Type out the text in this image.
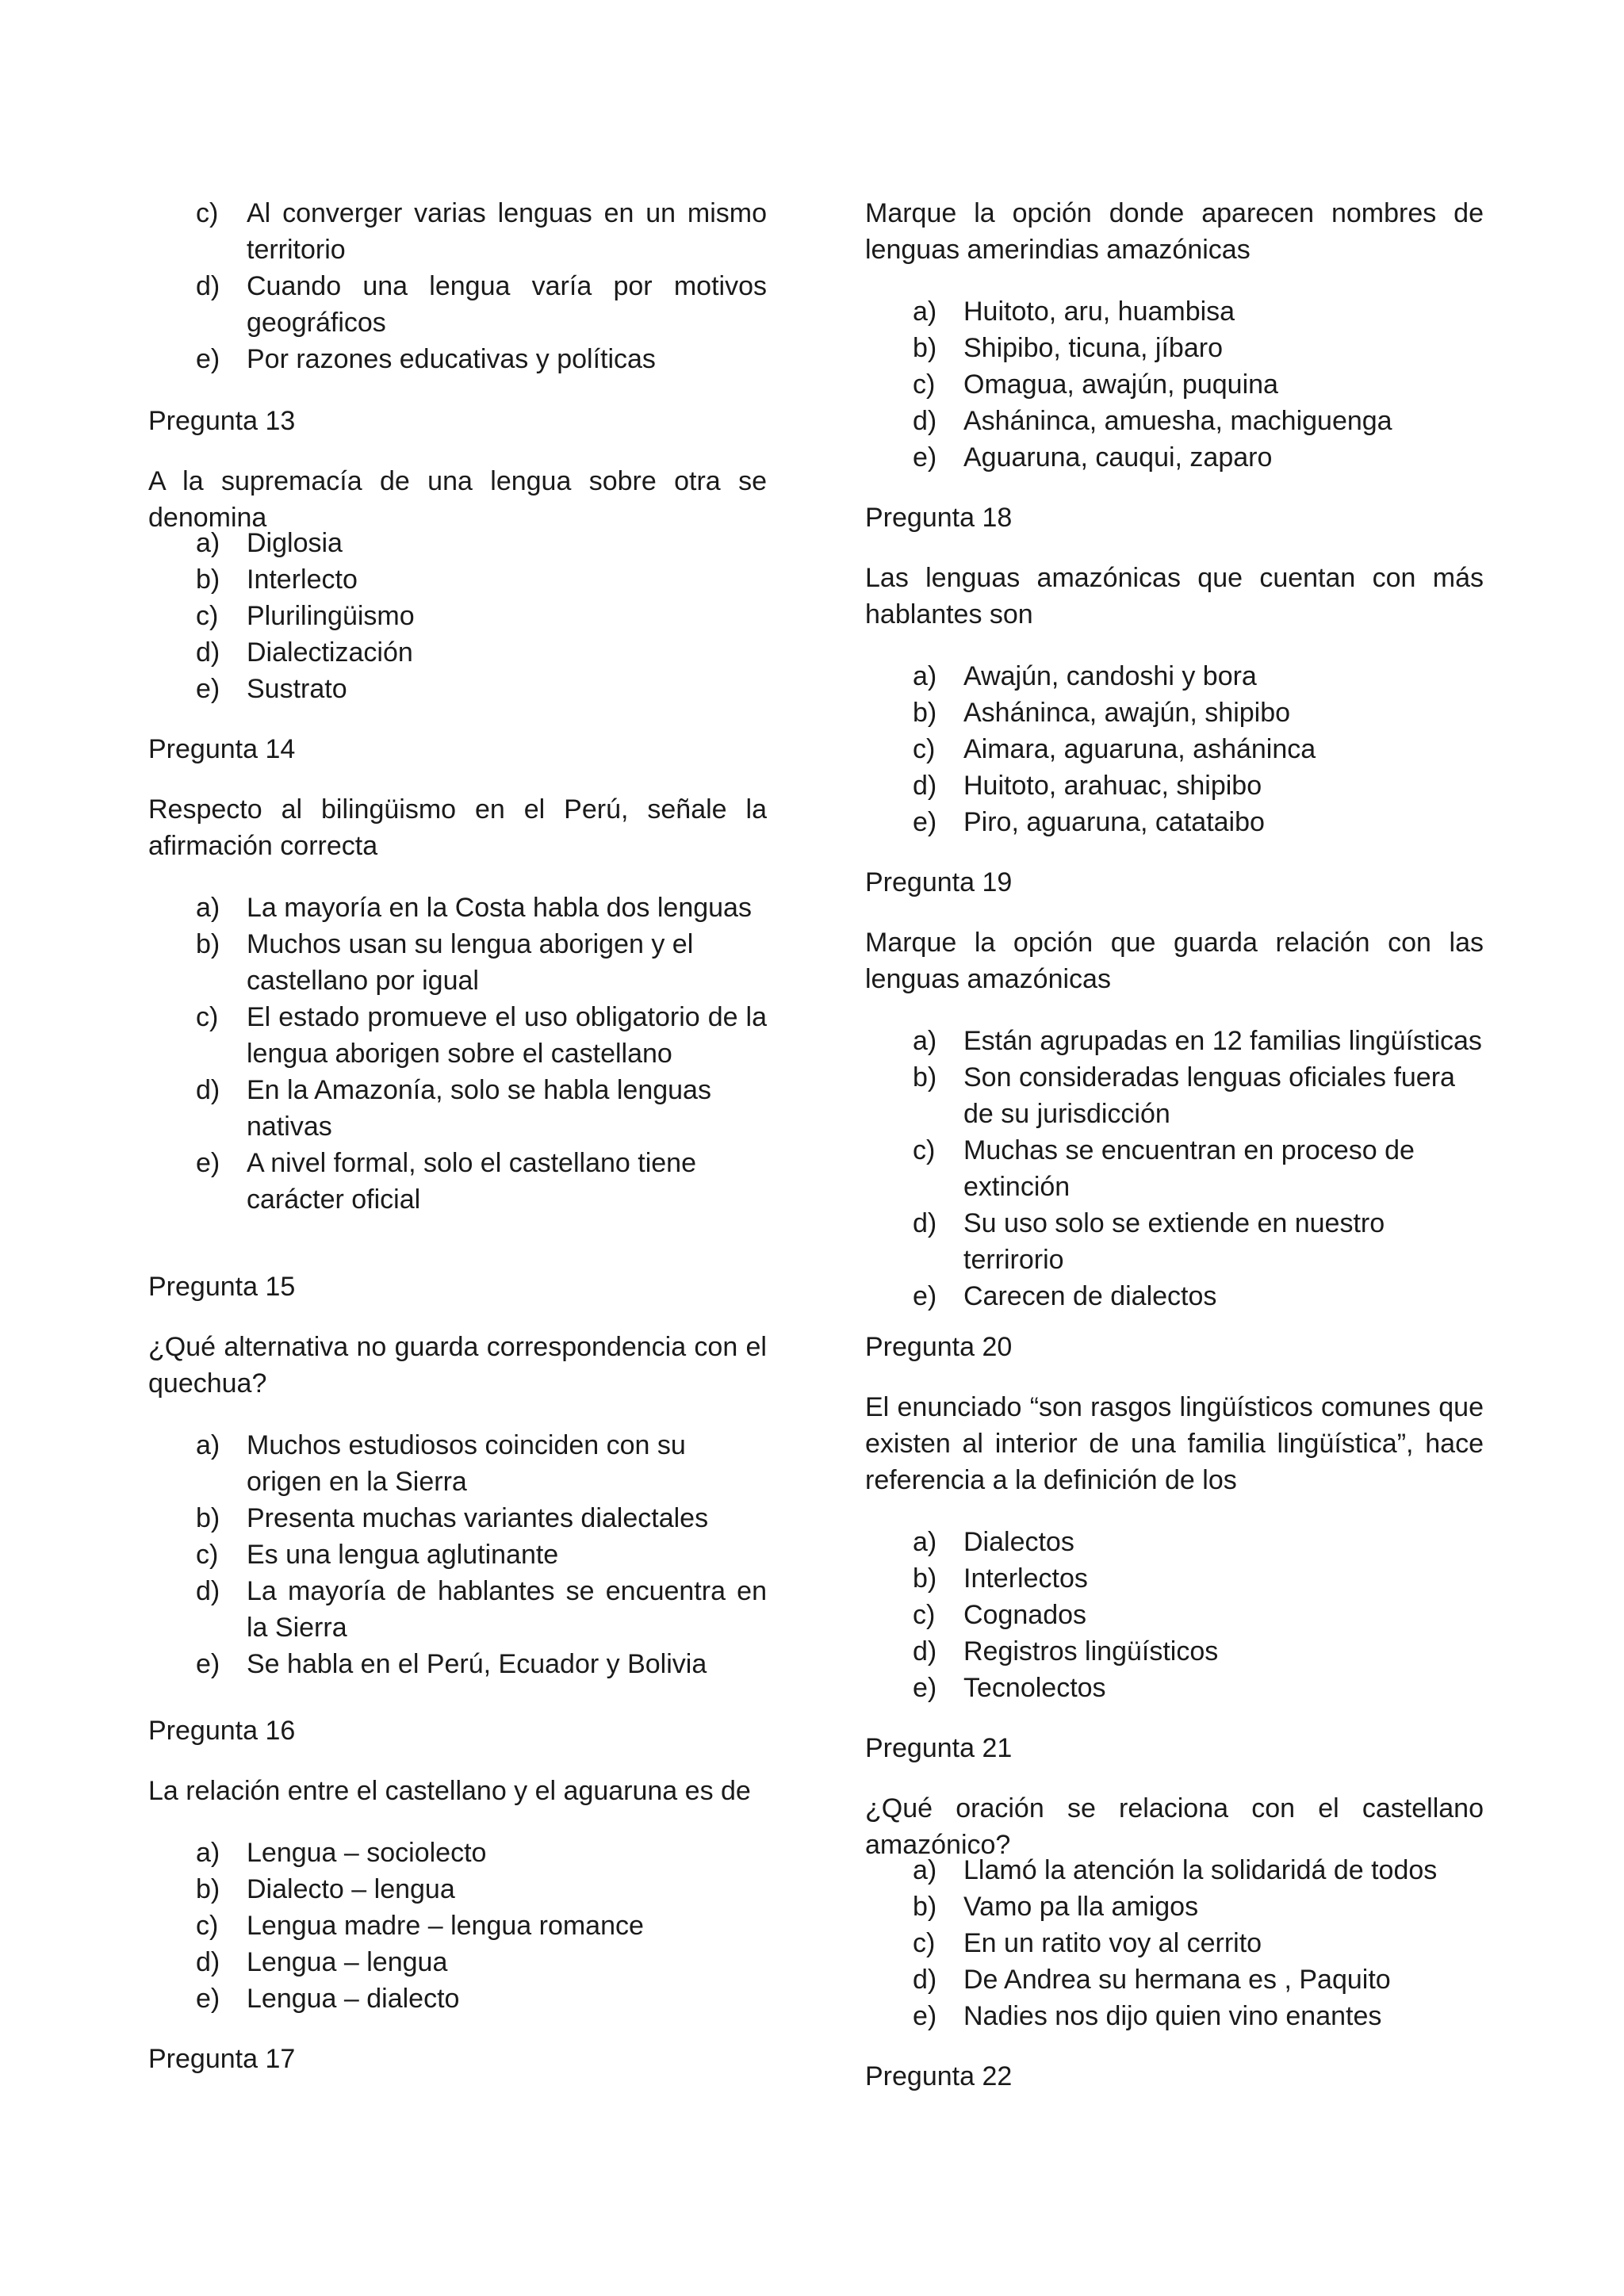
c) Al converger varias lenguas en un mismo territorio
d) Cuando una lengua varía por motivos geográficos
e) Por razones educativas y políticas
Pregunta 13
A la supremacía de una lengua sobre otra se denomina
a) Diglosia
b) Interlecto
c) Plurilingüismo
d) Dialectización
e) Sustrato
Pregunta 14
Respecto al bilingüismo en el Perú, señale la afirmación correcta
a) La mayoría en la Costa habla dos lenguas
b) Muchos usan su lengua aborigen y el castellano por igual
c) El estado promueve el uso obligatorio de la lengua aborigen sobre el castellano
d) En la Amazonía, solo se habla lenguas nativas
e) A nivel formal, solo el castellano tiene carácter oficial
Pregunta 15
¿Qué alternativa no guarda correspondencia con el quechua?
a) Muchos estudiosos coinciden con su origen en la Sierra
b) Presenta muchas variantes dialectales
c) Es una lengua aglutinante
d) La mayoría de hablantes se encuentra en la Sierra
e) Se habla en el Perú, Ecuador y Bolivia
Pregunta 16
La relación entre el castellano y el aguaruna es de
a) Lengua – sociolecto
b) Dialecto – lengua
c) Lengua madre – lengua romance
d) Lengua – lengua
e) Lengua – dialecto
Pregunta 17
Marque la opción donde aparecen nombres de lenguas amerindias amazónicas
a) Huitoto, aru, huambisa
b) Shipibo, ticuna, jíbaro
c) Omagua, awajún, puquina
d) Asháninca, amuesha, machiguenga
e) Aguaruna, cauqui, zaparo
Pregunta 18
Las lenguas amazónicas que cuentan con más hablantes son
a) Awajún, candoshi y bora
b) Asháninca, awajún, shipibo
c) Aimara, aguaruna, asháninca
d) Huitoto, arahuac, shipibo
e) Piro, aguaruna, catataibo
Pregunta 19
Marque la opción que guarda relación con las lenguas amazónicas
a) Están agrupadas en 12 familias lingüísticas
b) Son consideradas lenguas oficiales fuera de su jurisdicción
c) Muchas se encuentran en proceso de extinción
d) Su uso solo se extiende en nuestro terrirorio
e) Carecen de dialectos
Pregunta 20
El enunciado “son rasgos lingüísticos comunes que existen al interior de una familia lingüística”, hace referencia a la definición de los
a) Dialectos
b) Interlectos
c) Cognados
d) Registros lingüísticos
e) Tecnolectos
Pregunta 21
¿Qué oración se relaciona con el castellano amazónico?
a) Llamó la atención la solidaridá de todos
b) Vamo pa lla amigos
c) En un ratito voy al cerrito
d) De Andrea su hermana es , Paquito
e) Nadies nos dijo quien vino enantes
Pregunta 22
